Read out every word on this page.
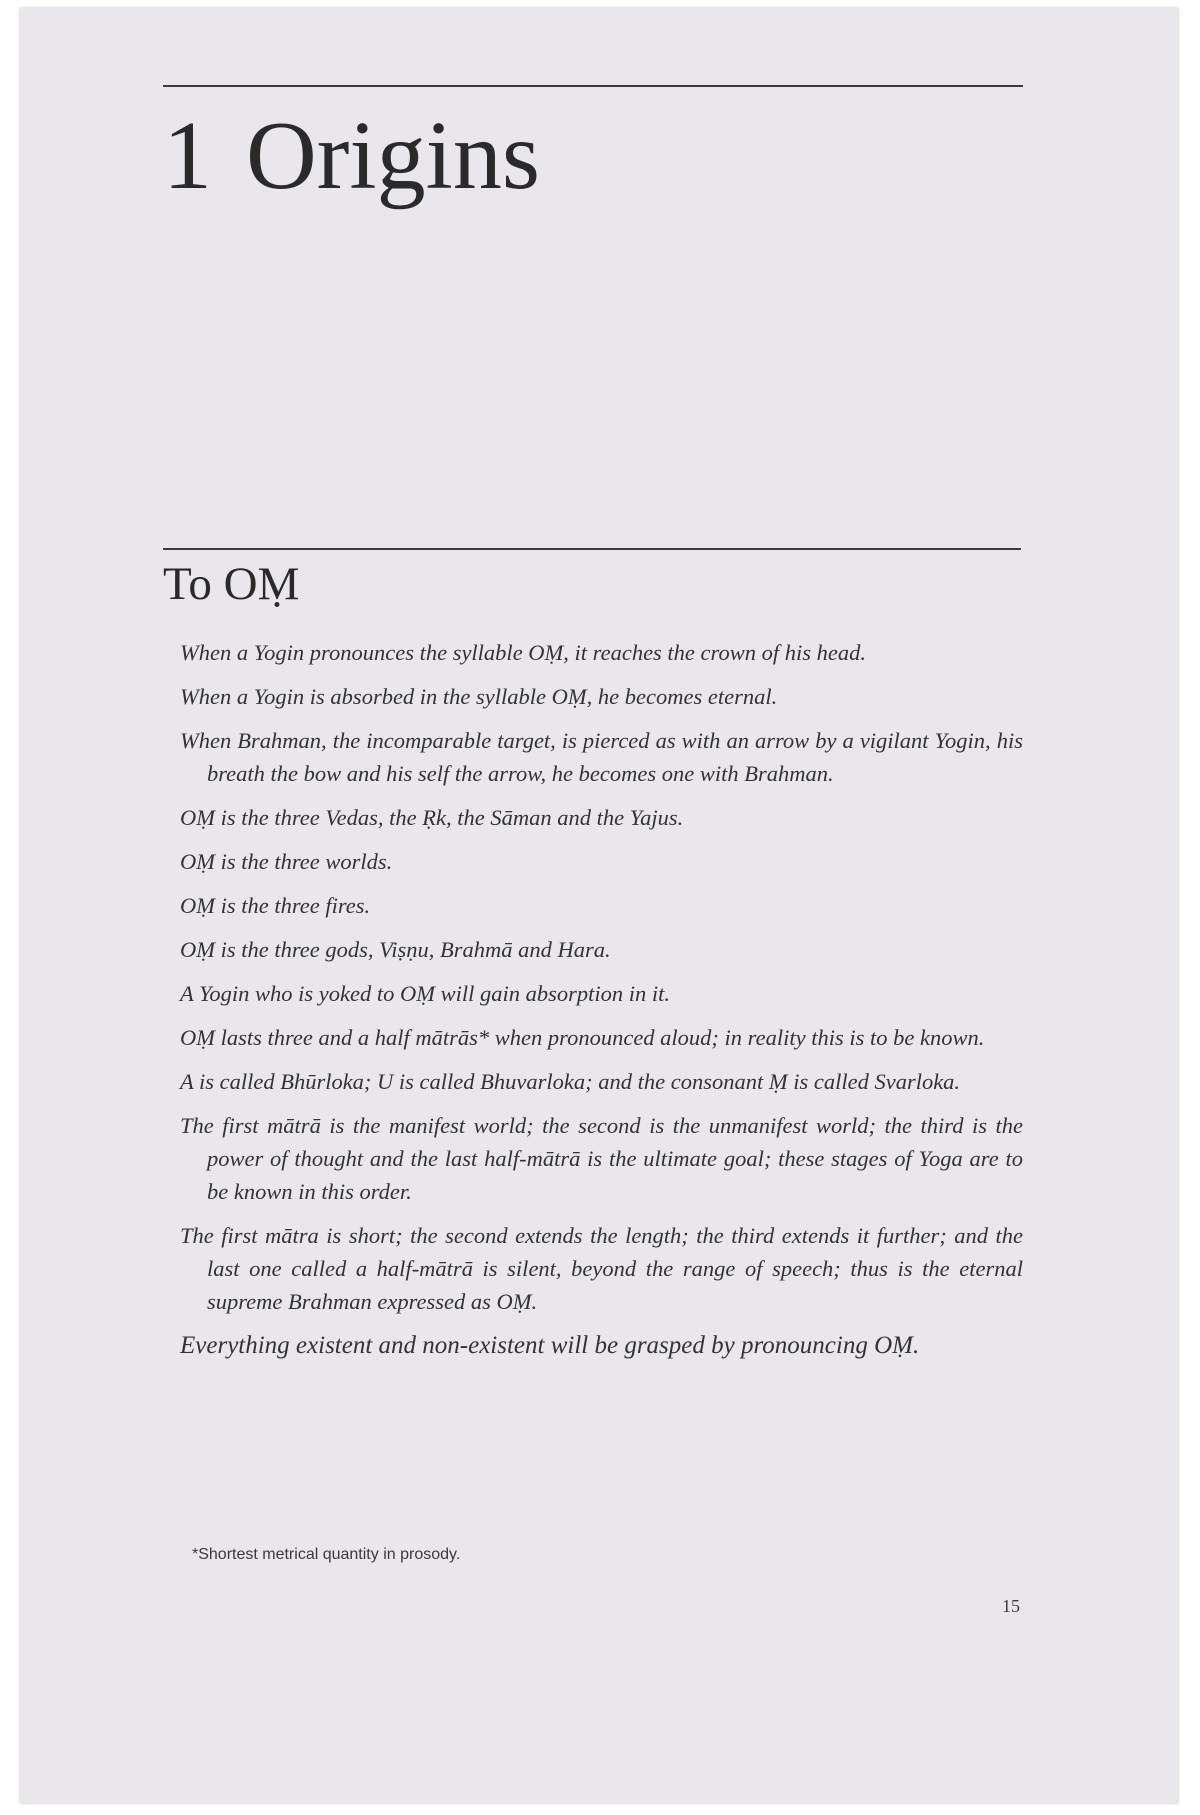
1 Origins
To OṂ

When a Yogin pronounces the syllable OṂ, it reaches the crown of his head.

When a Yogin is absorbed in the syllable OṂ, he becomes eternal.

When Brahman, the incomparable target, is pierced as with an arrow by a vigilant Yogin, his breath the bow and his self the arrow, he becomes one with Brahman.

OṂ is the three Vedas, the Ṛk, the Sāman and the Yajus.

OṂ is the three worlds.

OṂ is the three fires.

OṂ is the three gods, Viṣṇu, Brahmā and Hara.

A Yogin who is yoked to OṂ will gain absorption in it.

OṂ lasts three and a half mātrās* when pronounced aloud; in reality this is to be known.

A is called Bhūrloka; U is called Bhuvarloka; and the consonant Ṃ is called Svarloka.

The first mātrā is the manifest world; the second is the unmanifest world; the third is the power of thought and the last half-mātrā is the ultimate goal; these stages of Yoga are to be known in this order.

The first mātra is short; the second extends the length; the third extends it further; and the last one called a half-mātrā is silent, beyond the range of speech; thus is the eternal supreme Brahman expressed as OṂ.

Everything existent and non-existent will be grasped by pronouncing OṂ.

*Shortest metrical quantity in prosody.
15
